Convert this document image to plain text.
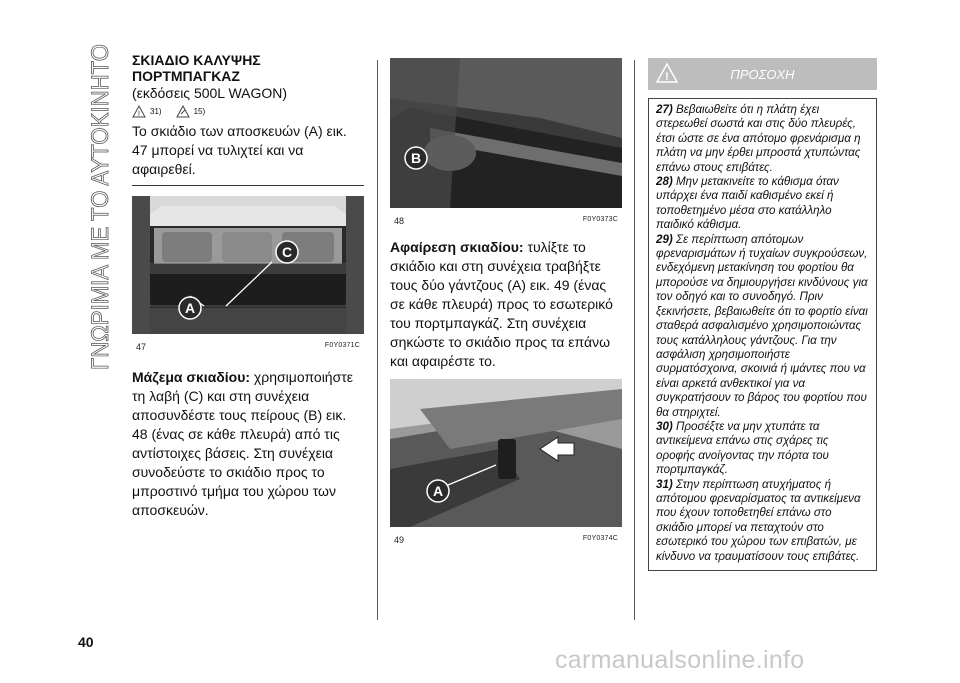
ΓΝΩΡΙΜΙΑ ΜΕ ΤΟ ΑΥΤΟΚΙΝΗΤΟ
40

ΣΚΙΑΔΙΟ ΚΑΛΥΨΗΣ

ΠΟΡΤΜΠΑΓΚΑΖ

(εκδόσεις 500L WAGON)

! 31)	15)

Το σκιάδιο των αποσκευών (A) εικ. 47 μπορεί να τυλιχτεί και να αφαιρεθεί.

C
A
47	F0Y0371C

Μάζεμα σκιαδίου: χρησιμοποιήστε τη λαβή (C) και στη συνέχεια αποσυνδέστε τους πείρους (B) εικ. 48 (ένας σε κάθε πλευρά) από τις αντίστοιχες βάσεις. Στη συνέχεια συνοδεύστε το σκιάδιο προς το μπροστινό τμήμα του χώρου των αποσκευών.

B
48	F0Y0373C

Αφαίρεση σκιαδίου: τυλίξτε το σκιάδιο και στη συνέχεια τραβήξτε τους δύο γάντζους (A) εικ. 49 (ένας σε κάθε πλευρά) προς το εσωτερικό του πορτμπαγκάζ. Στη συνέχεια σηκώστε το σκιάδιο προς τα επάνω και αφαιρέστε το.

A
49	F0Y0374C
!	ΠΡΟΣΟΧΗ

27) Βεβαιωθείτε ότι η πλάτη έχει στερεωθεί σωστά και στις δύο πλευρές, έτσι ώστε σε ένα απότομο φρενάρισμα η πλάτη να μην έρθει μπροστά χτυπώντας επάνω στους επιβάτες.

28) Μην μετακινείτε το κάθισμα όταν υπάρχει ένα παιδί καθισμένο εκεί ή τοποθετημένο μέσα στο κατάλληλο παιδικό κάθισμα.

29) Σε περίπτωση απότομων φρεναρισμάτων ή τυχαίων συγκρούσεων, ενδεχόμενη μετακίνηση του φορτίου θα μπορούσε να δημιουργήσει κινδύνους για τον οδηγό και το συνοδηγό. Πριν ξεκινήσετε, βεβαιωθείτε ότι το φορτίο είναι σταθερά ασφαλισμένο χρησιμοποιώντας τους κατάλληλους γάντζους. Για την ασφάλιση χρησιμοποιήστε συρματόσχοινα, σκοινιά ή ιμάντες που να είναι αρκετά ανθεκτικοί για να συγκρατήσουν το βάρος του φορτίου που θα στηριχτεί.

30) Προσέξτε να μην χτυπάτε τα αντικείμενα επάνω στις σχάρες τις οροφής ανοίγοντας την πόρτα του πορτμπαγκάζ.

31) Στην περίπτωση ατυχήματος ή απότομου φρεναρίσματος τα αντικείμενα που έχουν τοποθετηθεί επάνω στο σκιάδιο μπορεί να πεταχτούν στο εσωτερικό του χώρου των επιβατών, με κίνδυνο να τραυματίσουν τους επιβάτες.

carmanualsonline.info
